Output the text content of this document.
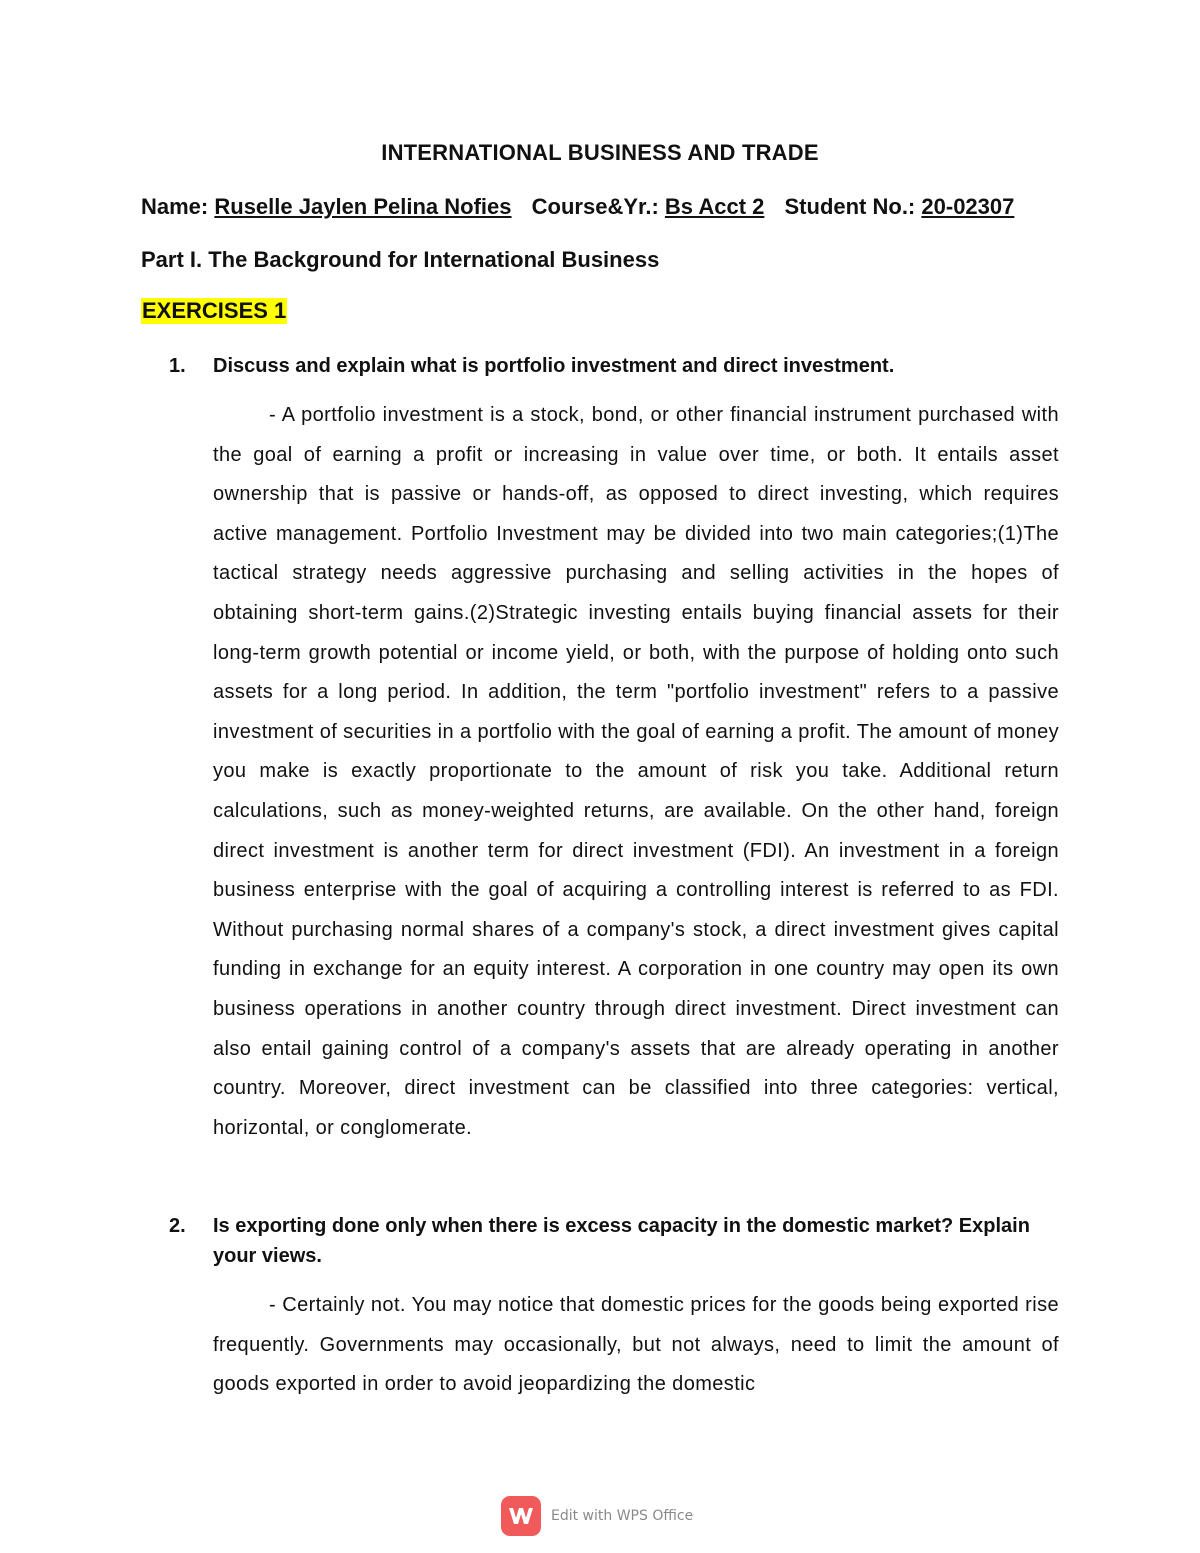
INTERNATIONAL BUSINESS AND TRADE
Name: Ruselle Jaylen Pelina Nofies Course&Yr.: Bs Acct 2 Student No.: 20-02307
Part I. The Background for International Business
EXERCISES 1
1. Discuss and explain what is portfolio investment and direct investment.
- A portfolio investment is a stock, bond, or other financial instrument purchased with the goal of earning a profit or increasing in value over time, or both. It entails asset ownership that is passive or hands-off, as opposed to direct investing, which requires active management. Portfolio Investment may be divided into two main categories;(1)The tactical strategy needs aggressive purchasing and selling activities in the hopes of obtaining short-term gains.(2)Strategic investing entails buying financial assets for their long-term growth potential or income yield, or both, with the purpose of holding onto such assets for a long period. In addition, the term "portfolio investment" refers to a passive investment of securities in a portfolio with the goal of earning a profit. The amount of money you make is exactly proportionate to the amount of risk you take. Additional return calculations, such as money-weighted returns, are available. On the other hand, foreign direct investment is another term for direct investment (FDI). An investment in a foreign business enterprise with the goal of acquiring a controlling interest is referred to as FDI. Without purchasing normal shares of a company's stock, a direct investment gives capital funding in exchange for an equity interest. A corporation in one country may open its own business operations in another country through direct investment. Direct investment can also entail gaining control of a company's assets that are already operating in another country. Moreover, direct investment can be classified into three categories: vertical, horizontal, or conglomerate.
2. Is exporting done only when there is excess capacity in the domestic market? Explain your views.
- Certainly not. You may notice that domestic prices for the goods being exported rise frequently. Governments may occasionally, but not always, need to limit the amount of goods exported in order to avoid jeopardizing the domestic
Edit with WPS Office
